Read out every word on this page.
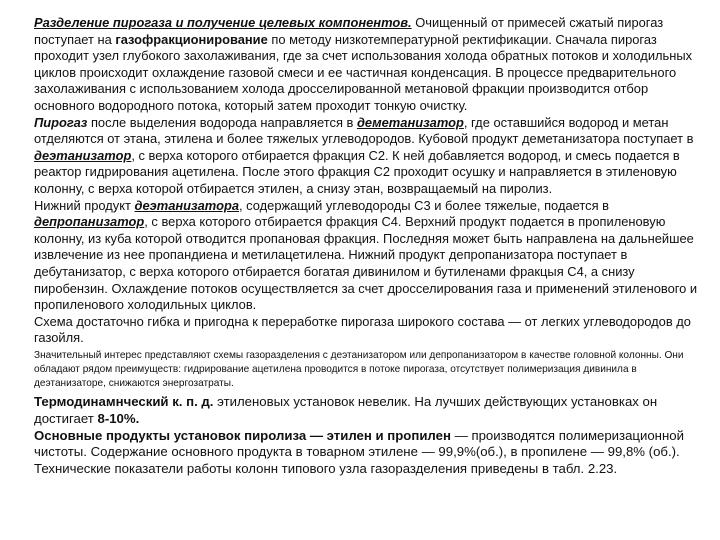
Разделение пирогаза и получение целевых компонентов. Очищенный от примесей сжатый пирогаз поступает на газофракционирование по методу низкотемпературной ректификации. Сначала пирогаз проходит узел глубокого захолаживания, где за счет использования холода обратных потоков и холодильных циклов происходит охлаждение газовой смеси и ее частичная конденсация. В процессе предварительного захолаживания с использованием холода дросселированной метановой фракции производится отбор основного водородного потока, который затем проходит тонкую очистку.

Пирогаз после выделения водорода направляется в деметанизатор, где оставшийся водород и метан отделяются от этана, этилена и более тяжелых углеводородов. Кубовой продукт деметанизатора поступает в деэтанизатор, с верха которого отбирается фракция С2. К ней добавляется водород, и смесь подается в реактор гидрирования ацетилена. После этого фракция С2 проходит осушку и направляется в этиленовую колонну, с верха которой отбирается этилен, а снизу этан, возвращаемый на пиролиз.

Нижний продукт деэтанизатора, содержащий углеводороды С3 и более тяжелые, подается в депропанизатор, с верха которого отбирается фракция С4. Верхний продукт подается в пропиленовую колонну, из куба которой отводится пропановая фракция. Последняя может быть направлена на дальнейшее извлечение из нее пропандиена и метилацетилена. Нижний продукт депропанизатора поступает в дебутанизатор, с верха которого отбирается богатая дивинилом и бутиленами фракцыя С4, а снизу пиробензин. Охлаждение потоков осуществляется за счет дросселирования газа и применений этиленового и пропиленового холодильных циклов.

Схема достаточно гибка и пригодна к переработке пирогаза широкого состава — от легких углеводородов до газойля.

Значительный интерес представляют схемы газоразделения с деэтанизатором или депропанизатором в качестве головной колонны. Они обладают рядом преимуществ: гидрирование ацетилена проводится в потоке пирогаза, отсутствует полимеризация дивинила в деэтанизаторе, снижаются энергозатраты.

Термодинамнческий к. п. д. этиленовых установок невелик. На лучших действующих установках он достигает 8-10%.
Основные продукты установок пиролиза — этилен и пропилен — производятся полимеризационной чистоты. Содержание основного продукта в товарном этилене — 99,9%(об.), в пропилене — 99,8% (об.). Технические показатели работы колонн типового узла газоразделения приведены в табл. 2.23.
